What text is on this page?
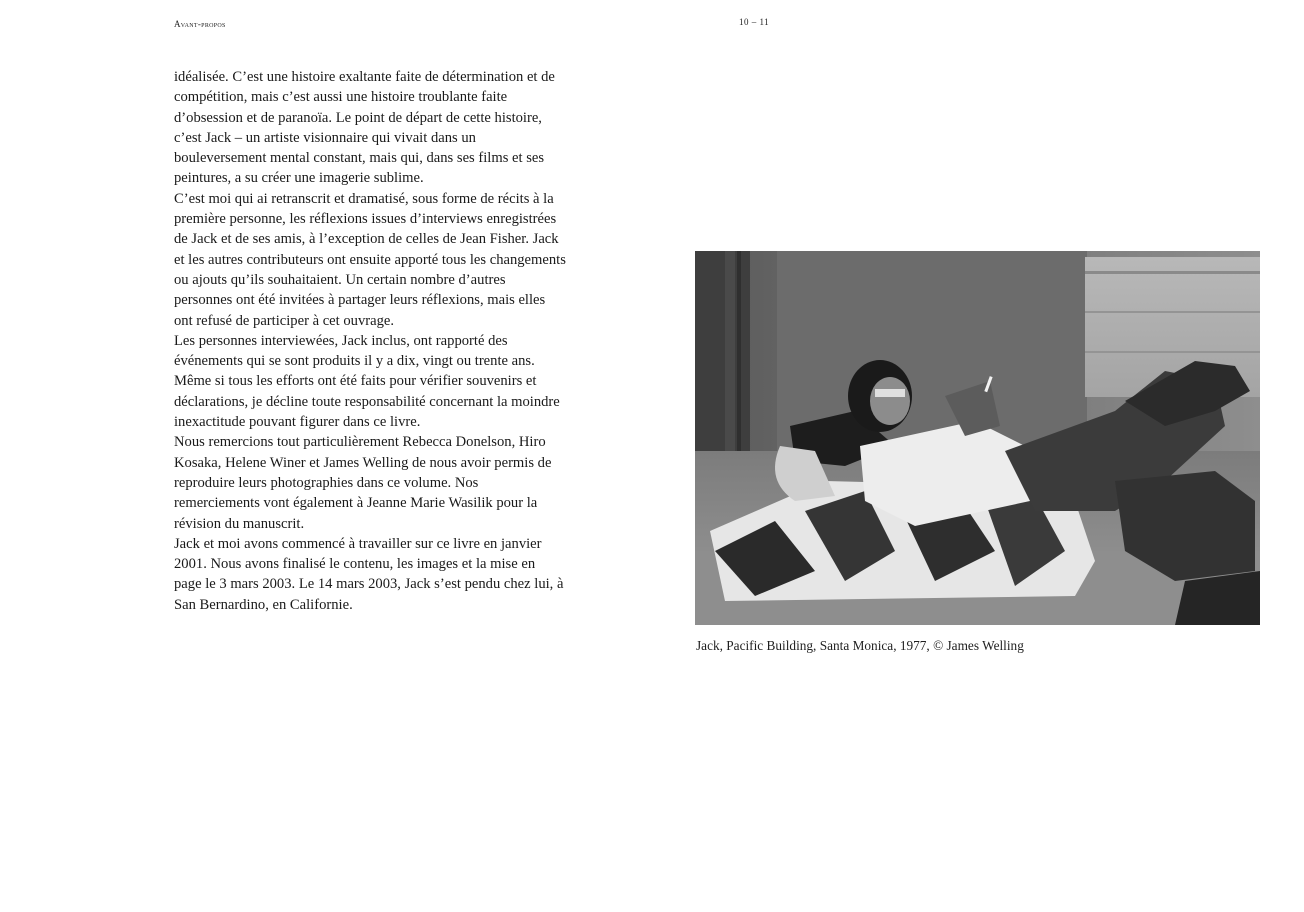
Avant-propos	10 – 11

idéalisée. C’est une histoire exaltante faite de détermination et de compétition, mais c’est aussi une histoire troublante faite d’obsession et de paranoïa. Le point de départ de cette histoire, c’est Jack – un artiste visionnaire qui vivait dans un bouleversement mental constant, mais qui, dans ses films et ses peintures, a su créer une imagerie sublime.

C’est moi qui ai retranscrit et dramatisé, sous forme de récits à la première personne, les réflexions issues d’interviews enregistrées de Jack et de ses amis, à l’exception de celles de Jean Fisher. Jack et les autres contributeurs ont ensuite apporté tous les changements ou ajouts qu’ils souhaitaient. Un certain nombre d’autres personnes ont été invitées à partager leurs réflexions, mais elles ont refusé de participer à cet ouvrage.

Les personnes interviewées, Jack inclus, ont rapporté des événements qui se sont produits il y a dix, vingt ou trente ans. Même si tous les efforts ont été faits pour vérifier souvenirs et déclarations, je décline toute responsabilité concernant la moindre inexactitude pouvant figurer dans ce livre.

Nous remercions tout particulièrement Rebecca Donelson, Hiro Kosaka, Helene Winer et James Welling de nous avoir permis de reproduire leurs photographies dans ce volume. Nos remerciements vont également à Jeanne Marie Wasilik pour la révision du manuscrit.

Jack et moi avons commencé à travailler sur ce livre en janvier 2001. Nous avons finalisé le contenu, les images et la mise en page le 3 mars 2003. Le 14 mars 2003, Jack s’est pendu chez lui, à San Bernardino, en Californie.

Jack, Pacific Building, Santa Monica, 1977, © James Welling
